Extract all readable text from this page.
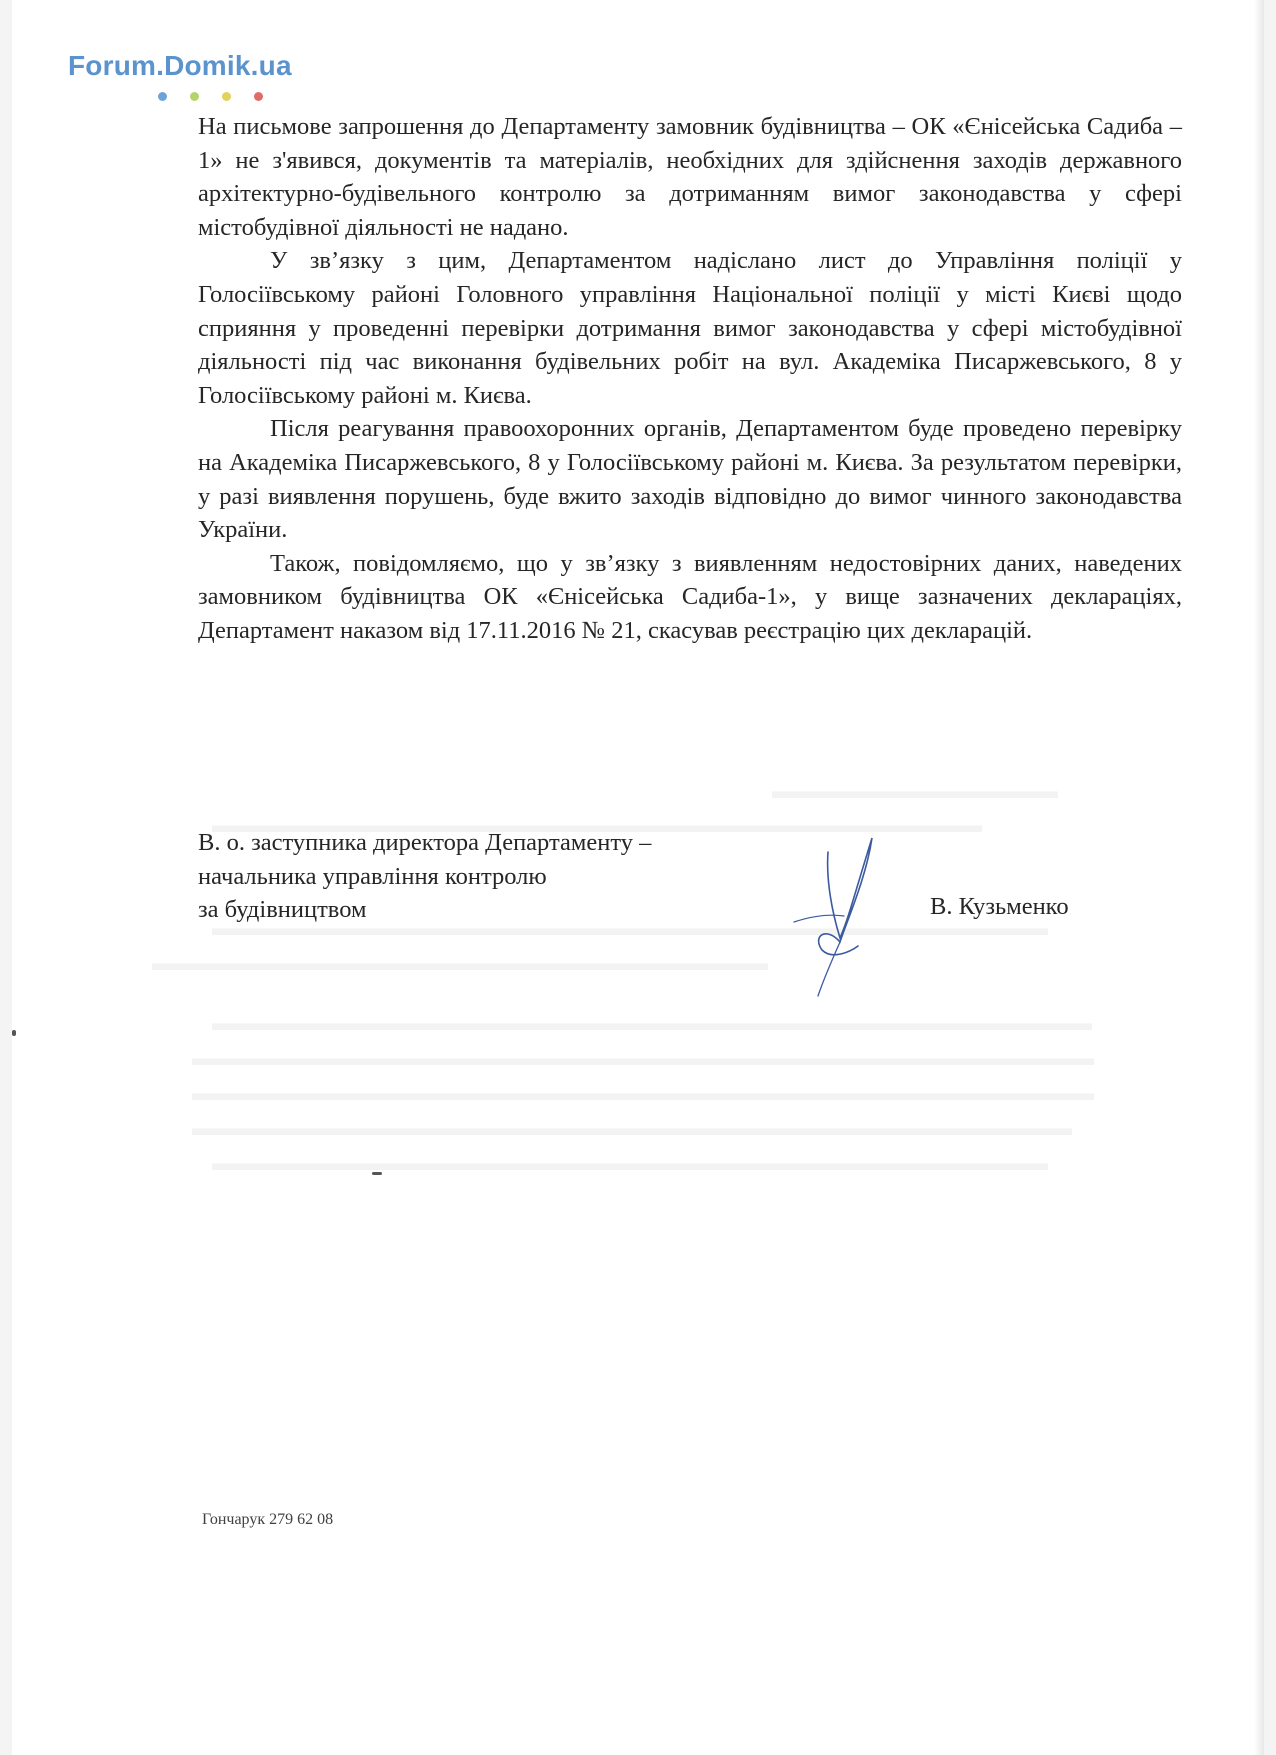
Forum.Domik.ua

На письмове запрошення до Департаменту замовник будівництва – ОК «Єнісейська Садиба – 1» не з'явився, документів та матеріалів, необхідних для здійснення заходів державного архітектурно-будівельного контролю за дотриманням вимог законодавства у сфері містобудівної діяльності не надано.

У зв’язку з цим, Департаментом надіслано лист до Управління поліції у Голосіївському районі Головного управління Національної поліції у місті Києві щодо сприяння у проведенні перевірки дотримання вимог законодавства у сфері містобудівної діяльності під час виконання будівельних робіт на вул. Академіка Писаржевського, 8 у Голосіївському районі м. Києва.

Після реагування правоохоронних органів, Департаментом буде проведено перевірку на Академіка Писаржевського, 8 у Голосіївському районі м. Києва. За результатом перевірки, у разі виявлення порушень, буде вжито заходів відповідно до вимог чинного законодавства України.

Також, повідомляємо, що у зв’язку з виявленням недостовірних даних, наведених замовником будівництва ОК «Єнісейська Садиба-1», у вище зазначених деклараціях, Департамент наказом від 17.11.2016 № 21, скасував реєстрацію цих декларацій.

В. о. заступника директора Департаменту –
начальника управління контролю
за будівництвом	В. Кузьменко
Гончарук 279 62 08
